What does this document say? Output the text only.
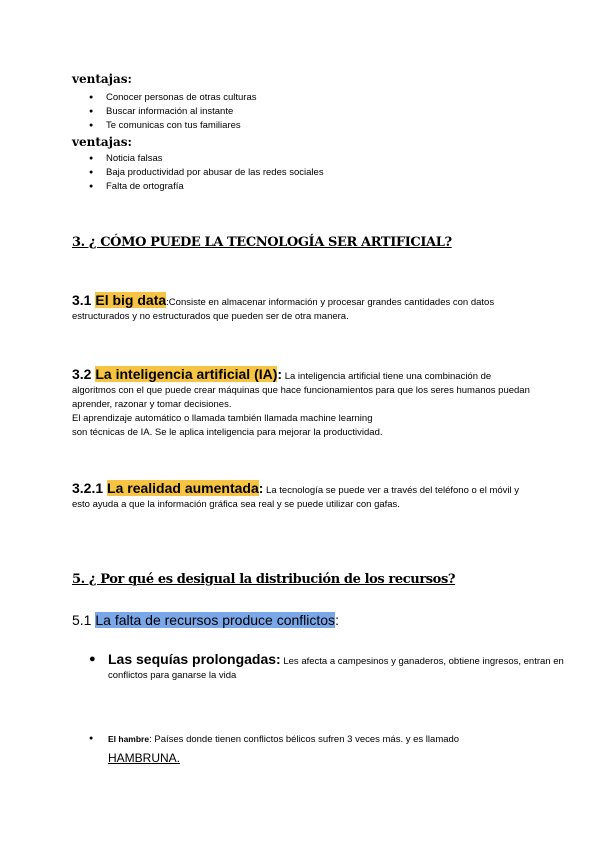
ventajas:
● Conocer personas de otras culturas
● Buscar información al instante
● Te comunicas con tus familiares
ventajas:
● Noticia falsas
● Baja productividad por abusar de las redes sociales
● Falta de ortografía
3. ¿ CÓMO PUEDE LA TECNOLOGÍA SER ARTIFICIAL?
3.1 El big data:Consiste en almacenar información y procesar grandes cantidades con datos estructurados y no estructurados que pueden ser de otra manera.
3.2 La inteligencia artificial (IA): La inteligencia artificial tiene una combinación de algoritmos con el que puede crear máquinas que hace funcionamientos para que los seres humanos puedan aprender, razonar y tomar decisiones.
El aprendizaje automático o llamada también llamada machine learning
son técnicas de IA. Se le aplica inteligencia para mejorar la productividad.
3.2.1 La realidad aumentada: La tecnología se puede ver a través del teléfono o el móvil y esto ayuda a que la información gráfica sea real y se puede utilizar con gafas.
5. ¿ Por qué es desigual la distribución de los recursos?
5.1 La falta de recursos produce conflictos:
● Las sequías prolongadas: Les afecta a campesinos y ganaderos, obtiene ingresos, entran en conflictos para ganarse la vida
● El hambre: Países donde tienen conflictos bélicos sufren 3 veces más. y es llamado
HAMBRUNA.
